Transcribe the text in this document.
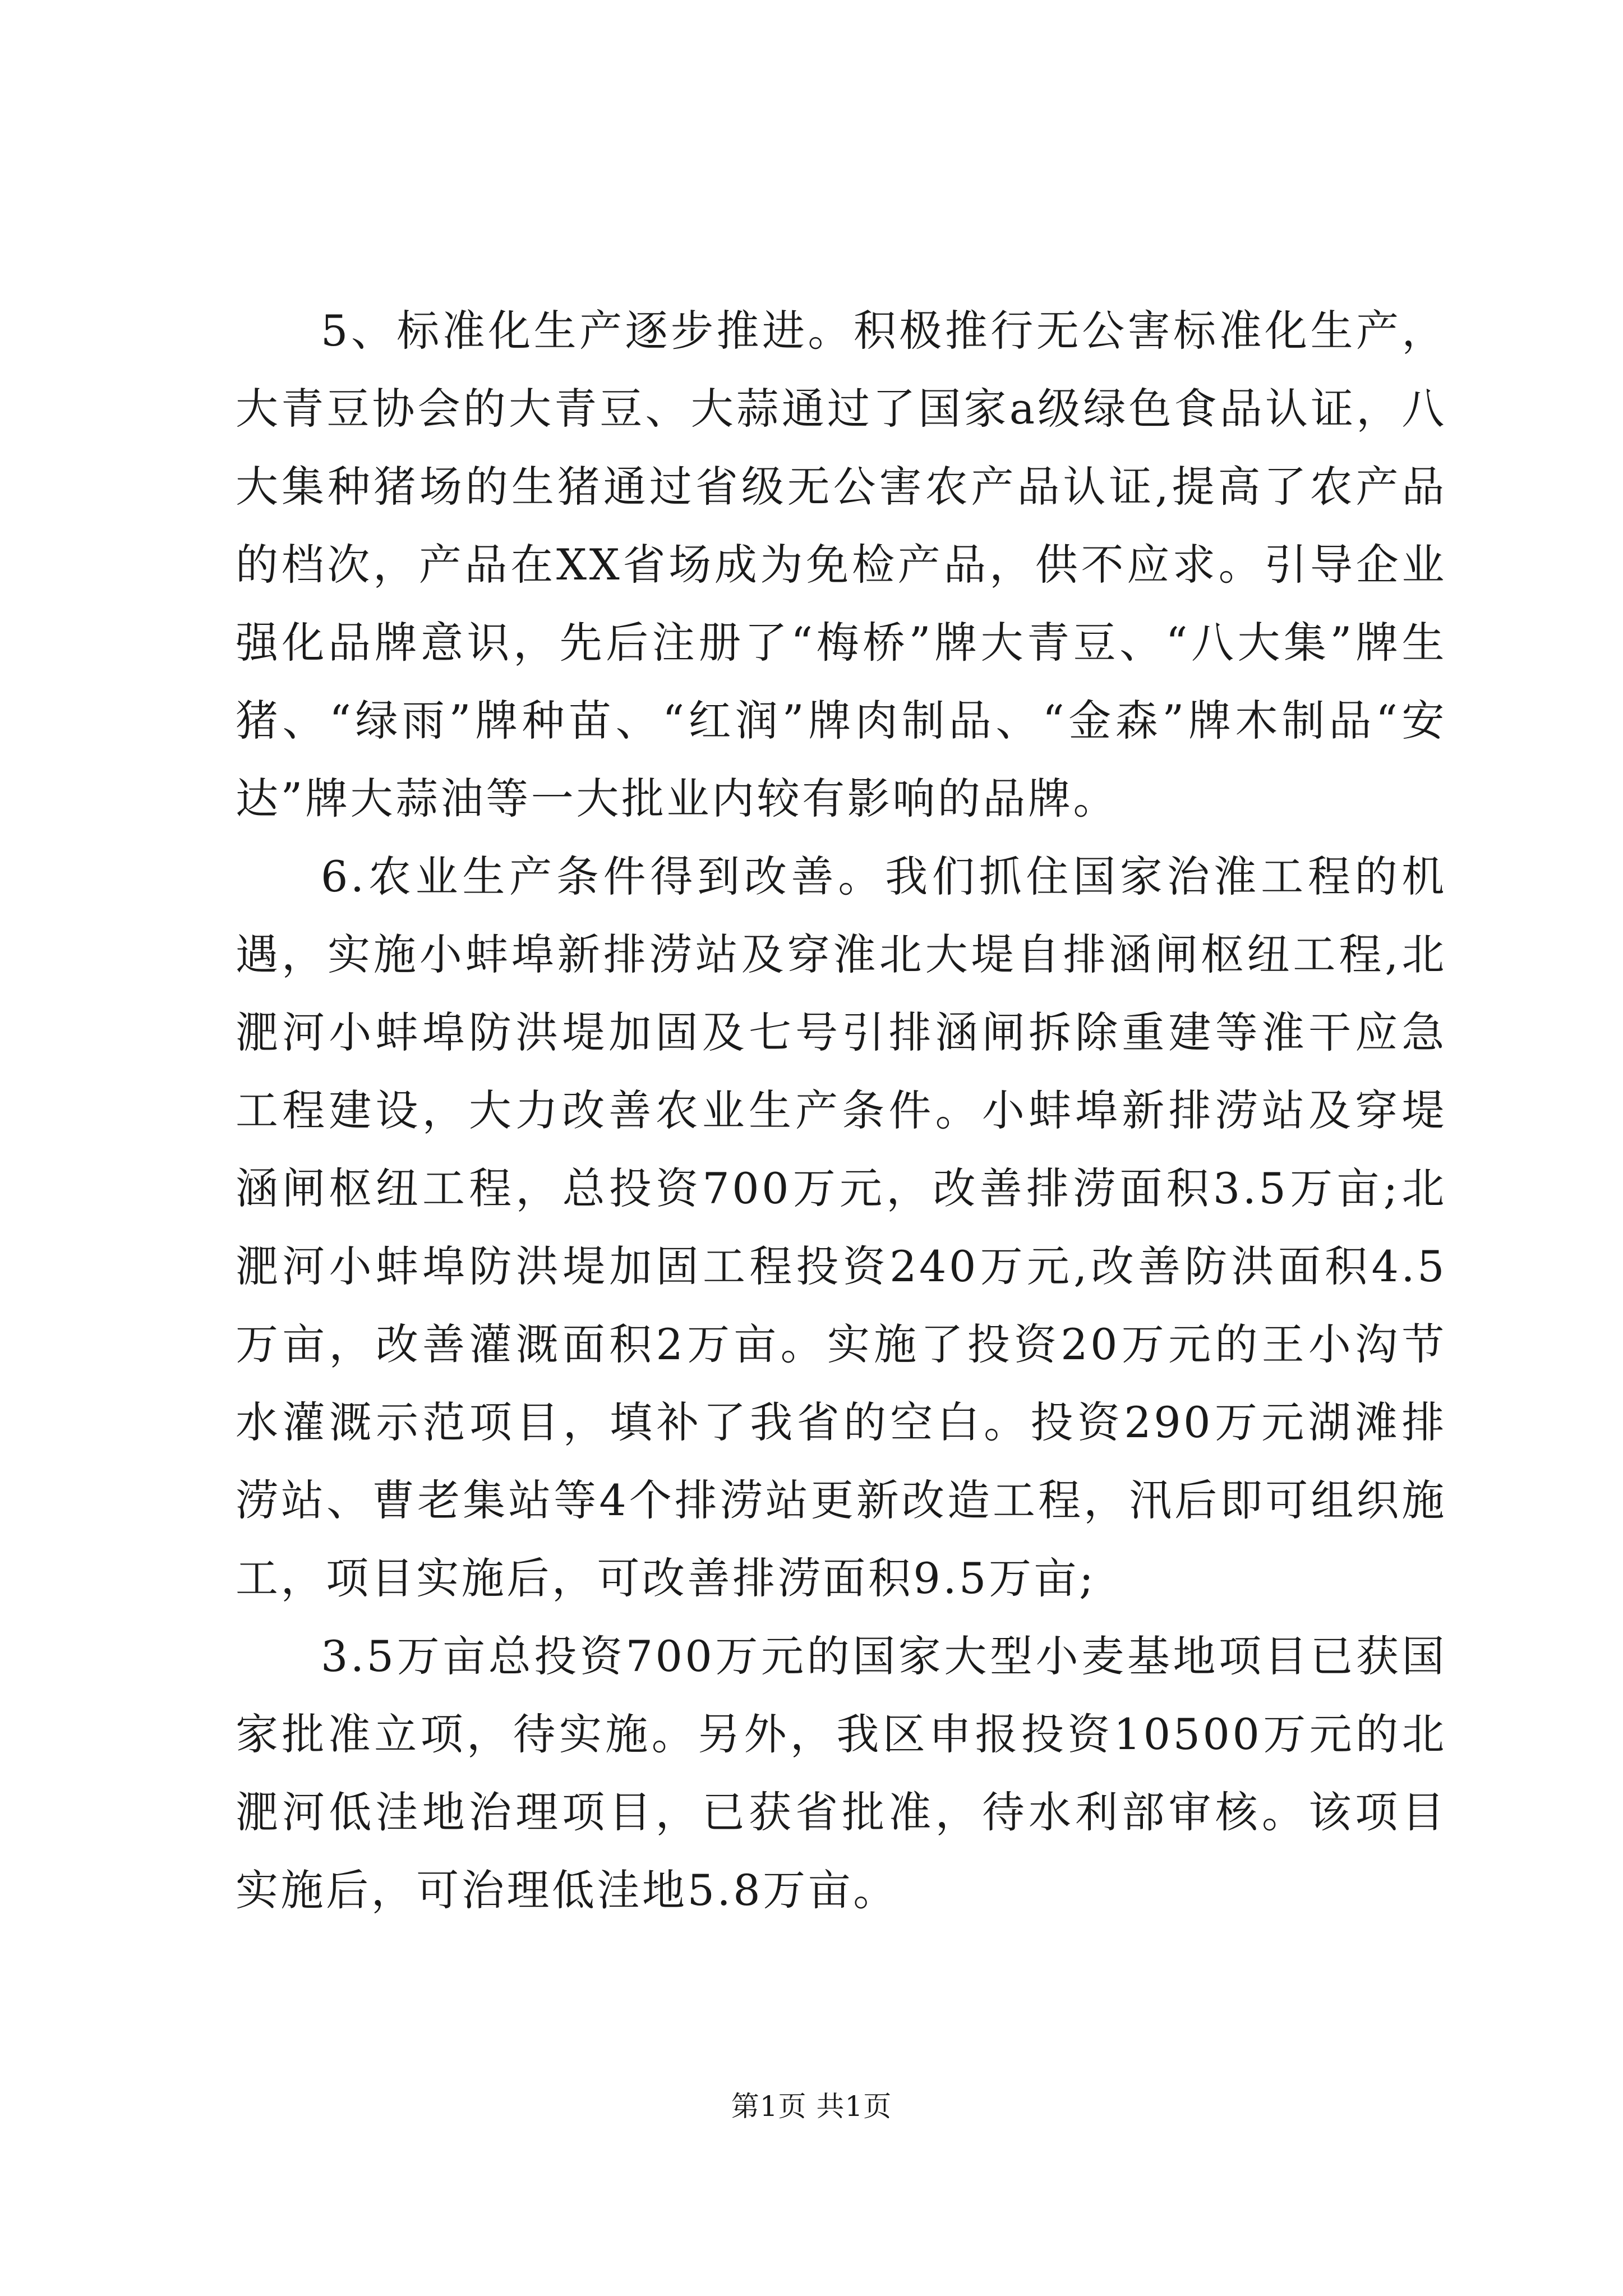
5、标准化生产逐步推进。积极推行无公害标准化生产，大青豆协会的大青豆、大蒜通过了国家a级绿色食品认证，八大集种猪场的生猪通过省级无公害农产品认证,提高了农产品的档次，产品在XX省场成为免检产品，供不应求。引导企业强化品牌意识，先后注册了“梅桥”牌大青豆、“八大集”牌生猪、“绿雨”牌种苗、“红润”牌肉制品、“金森”牌木制品“安达”牌大蒜油等一大批业内较有影响的品牌。

6.农业生产条件得到改善。我们抓住国家治淮工程的机遇，实施小蚌埠新排涝站及穿淮北大堤自排涵闸枢纽工程,北淝河小蚌埠防洪堤加固及七号引排涵闸拆除重建等淮干应急工程建设，大力改善农业生产条件。小蚌埠新排涝站及穿堤涵闸枢纽工程，总投资700万元，改善排涝面积3.5万亩;北淝河小蚌埠防洪堤加固工程投资240万元,改善防洪面积4.5万亩，改善灌溉面积2万亩。实施了投资20万元的王小沟节水灌溉示范项目，填补了我省的空白。投资290万元湖滩排涝站、曹老集站等4个排涝站更新改造工程，汛后即可组织施工，项目实施后，可改善排涝面积9.5万亩;

3.5万亩总投资700万元的国家大型小麦基地项目已获国家批准立项，待实施。另外，我区申报投资10500万元的北淝河低洼地治理项目，已获省批准，待水利部审核。该项目实施后，可治理低洼地5.8万亩。

第1页 共1页
